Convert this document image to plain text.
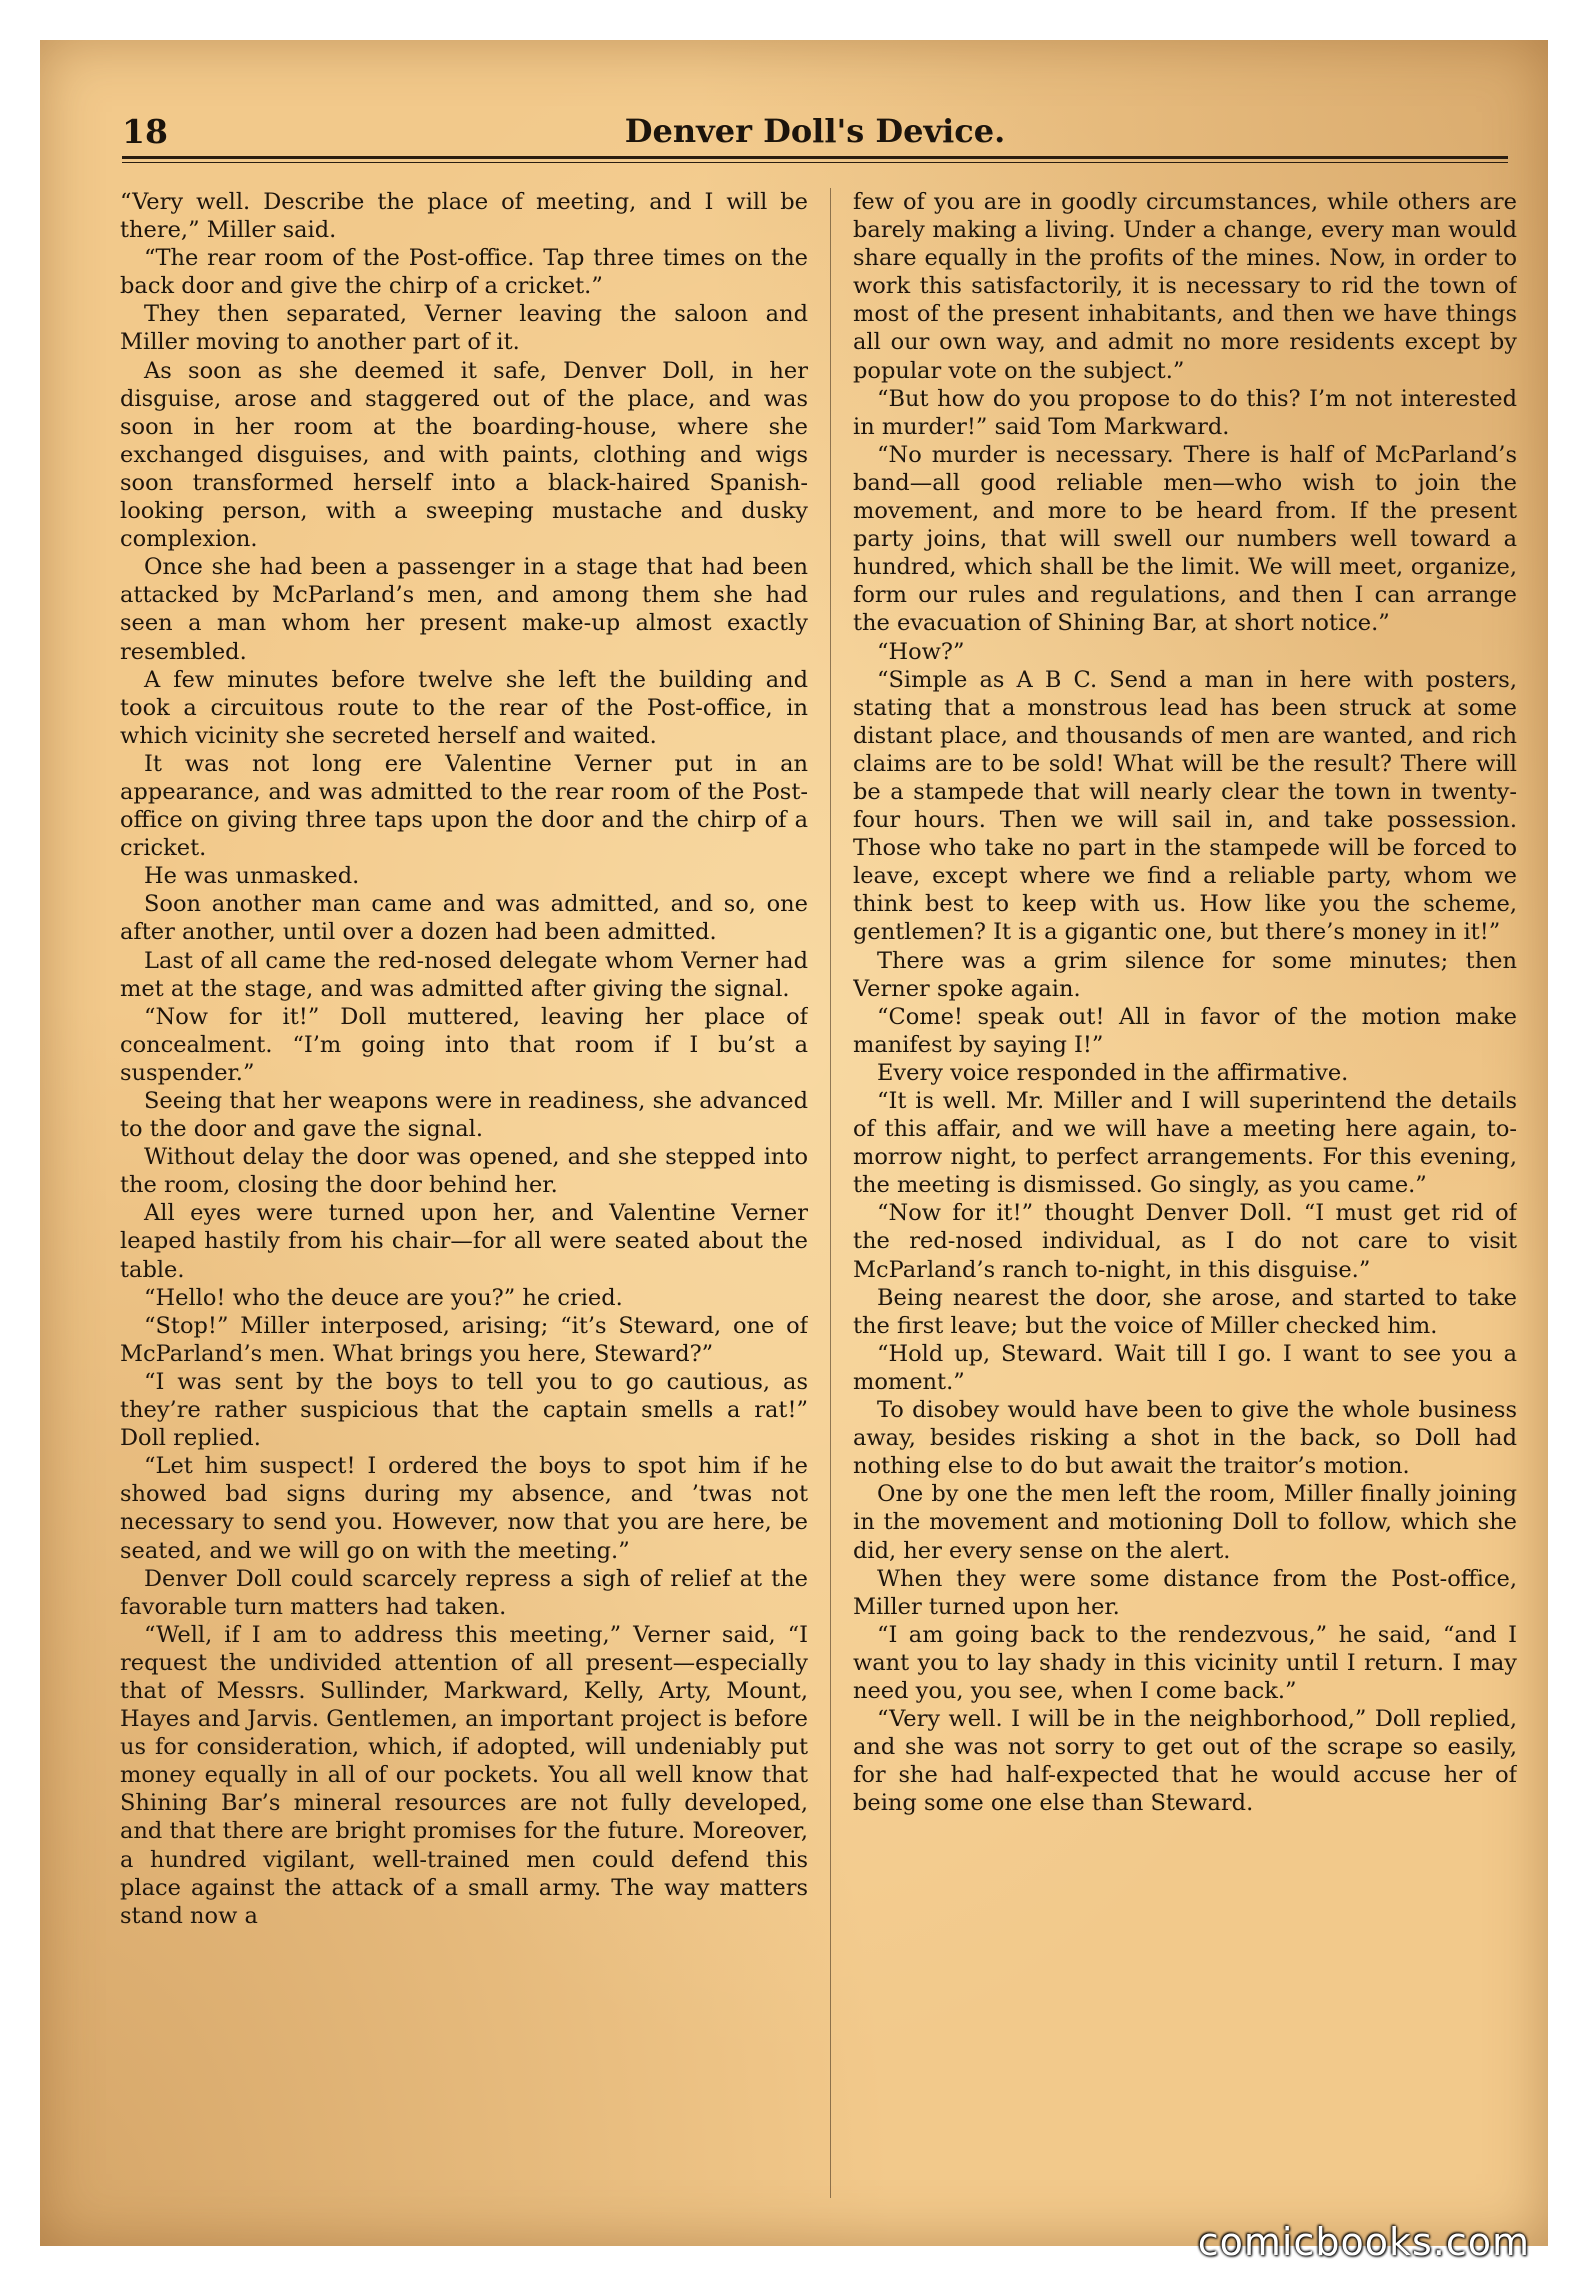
18	Denver Doll's Device.

“Very well. Describe the place of meeting, and I will be there,” Miller said.

“The rear room of the Post-office. Tap three times on the back door and give the chirp of a cricket.”

They then separated, Verner leaving the saloon and Miller moving to another part of it.

As soon as she deemed it safe, Denver Doll, in her disguise, arose and staggered out of the place, and was soon in her room at the boarding-house, where she exchanged disguises, and with paints, clothing and wigs soon transformed herself into a black-haired Spanish-looking person, with a sweeping mustache and dusky complexion.

Once she had been a passenger in a stage that had been attacked by McParland’s men, and among them she had seen a man whom her present make-up almost exactly resembled.

A few minutes before twelve she left the building and took a circuitous route to the rear of the Post-office, in which vicinity she secreted herself and waited.

It was not long ere Valentine Verner put in an appearance, and was admitted to the rear room of the Post-office on giving three taps upon the door and the chirp of a cricket.

He was unmasked.

Soon another man came and was admitted, and so, one after another, until over a dozen had been admitted.

Last of all came the red-nosed delegate whom Verner had met at the stage, and was admitted after giving the signal.

“Now for it!” Doll muttered, leaving her place of concealment. “I’m going into that room if I bu’st a suspender.”

Seeing that her weapons were in readiness, she advanced to the door and gave the signal.

Without delay the door was opened, and she stepped into the room, closing the door behind her.

All eyes were turned upon her, and Valentine Verner leaped hastily from his chair—for all were seated about the table.

“Hello! who the deuce are you?” he cried.

“Stop!” Miller interposed, arising; “it’s Steward, one of McParland’s men. What brings you here, Steward?”

“I was sent by the boys to tell you to go cautious, as they’re rather suspicious that the captain smells a rat!” Doll replied.

“Let him suspect! I ordered the boys to spot him if he showed bad signs during my absence, and ’twas not necessary to send you. However, now that you are here, be seated, and we will go on with the meeting.”

Denver Doll could scarcely repress a sigh of relief at the favorable turn matters had taken.

“Well, if I am to address this meeting,” Verner said, “I request the undivided attention of all present—especially that of Messrs. Sullinder, Markward, Kelly, Arty, Mount, Hayes and Jarvis. Gentlemen, an important project is before us for consideration, which, if adopted, will undeniably put money equally in all of our pockets. You all well know that Shining Bar’s mineral resources are not fully developed, and that there are bright promises for the future. Moreover, a hundred vigilant, well-trained men could defend this place against the attack of a small army. The way matters stand now a

few of you are in goodly circumstances, while others are barely making a living. Under a change, every man would share equally in the profits of the mines. Now, in order to work this satisfactorily, it is necessary to rid the town of most of the present inhabitants, and then we have things all our own way, and admit no more residents except by popular vote on the subject.”

“But how do you propose to do this? I’m not interested in murder!” said Tom Markward.

“No murder is necessary. There is half of McParland’s band—all good reliable men—who wish to join the movement, and more to be heard from. If the present party joins, that will swell our numbers well toward a hundred, which shall be the limit. We will meet, organize, form our rules and regulations, and then I can arrange the evacuation of Shining Bar, at short notice.”

“How?”

“Simple as A B C. Send a man in here with posters, stating that a monstrous lead has been struck at some distant place, and thousands of men are wanted, and rich claims are to be sold! What will be the result? There will be a stampede that will nearly clear the town in twenty-four hours. Then we will sail in, and take possession. Those who take no part in the stampede will be forced to leave, except where we find a reliable party, whom we think best to keep with us. How like you the scheme, gentlemen? It is a gigantic one, but there’s money in it!”

There was a grim silence for some minutes; then Verner spoke again.

“Come! speak out! All in favor of the motion make manifest by saying I!”

Every voice responded in the affirmative.

“It is well. Mr. Miller and I will superintend the details of this affair, and we will have a meeting here again, to-morrow night, to perfect arrangements. For this evening, the meeting is dismissed. Go singly, as you came.”

“Now for it!” thought Denver Doll. “I must get rid of the red-nosed individual, as I do not care to visit McParland’s ranch to-night, in this disguise.”

Being nearest the door, she arose, and started to take the first leave; but the voice of Miller checked him.

“Hold up, Steward. Wait till I go. I want to see you a moment.”

To disobey would have been to give the whole business away, besides risking a shot in the back, so Doll had nothing else to do but await the traitor’s motion.

One by one the men left the room, Miller finally joining in the movement and motioning Doll to follow, which she did, her every sense on the alert.

When they were some distance from the Post-office, Miller turned upon her.

“I am going back to the rendezvous,” he said, “and I want you to lay shady in this vicinity until I return. I may need you, you see, when I come back.”

“Very well. I will be in the neighborhood,” Doll replied, and she was not sorry to get out of the scrape so easily, for she had half-expected that he would accuse her of being some one else than Steward.

comicbooks.com
